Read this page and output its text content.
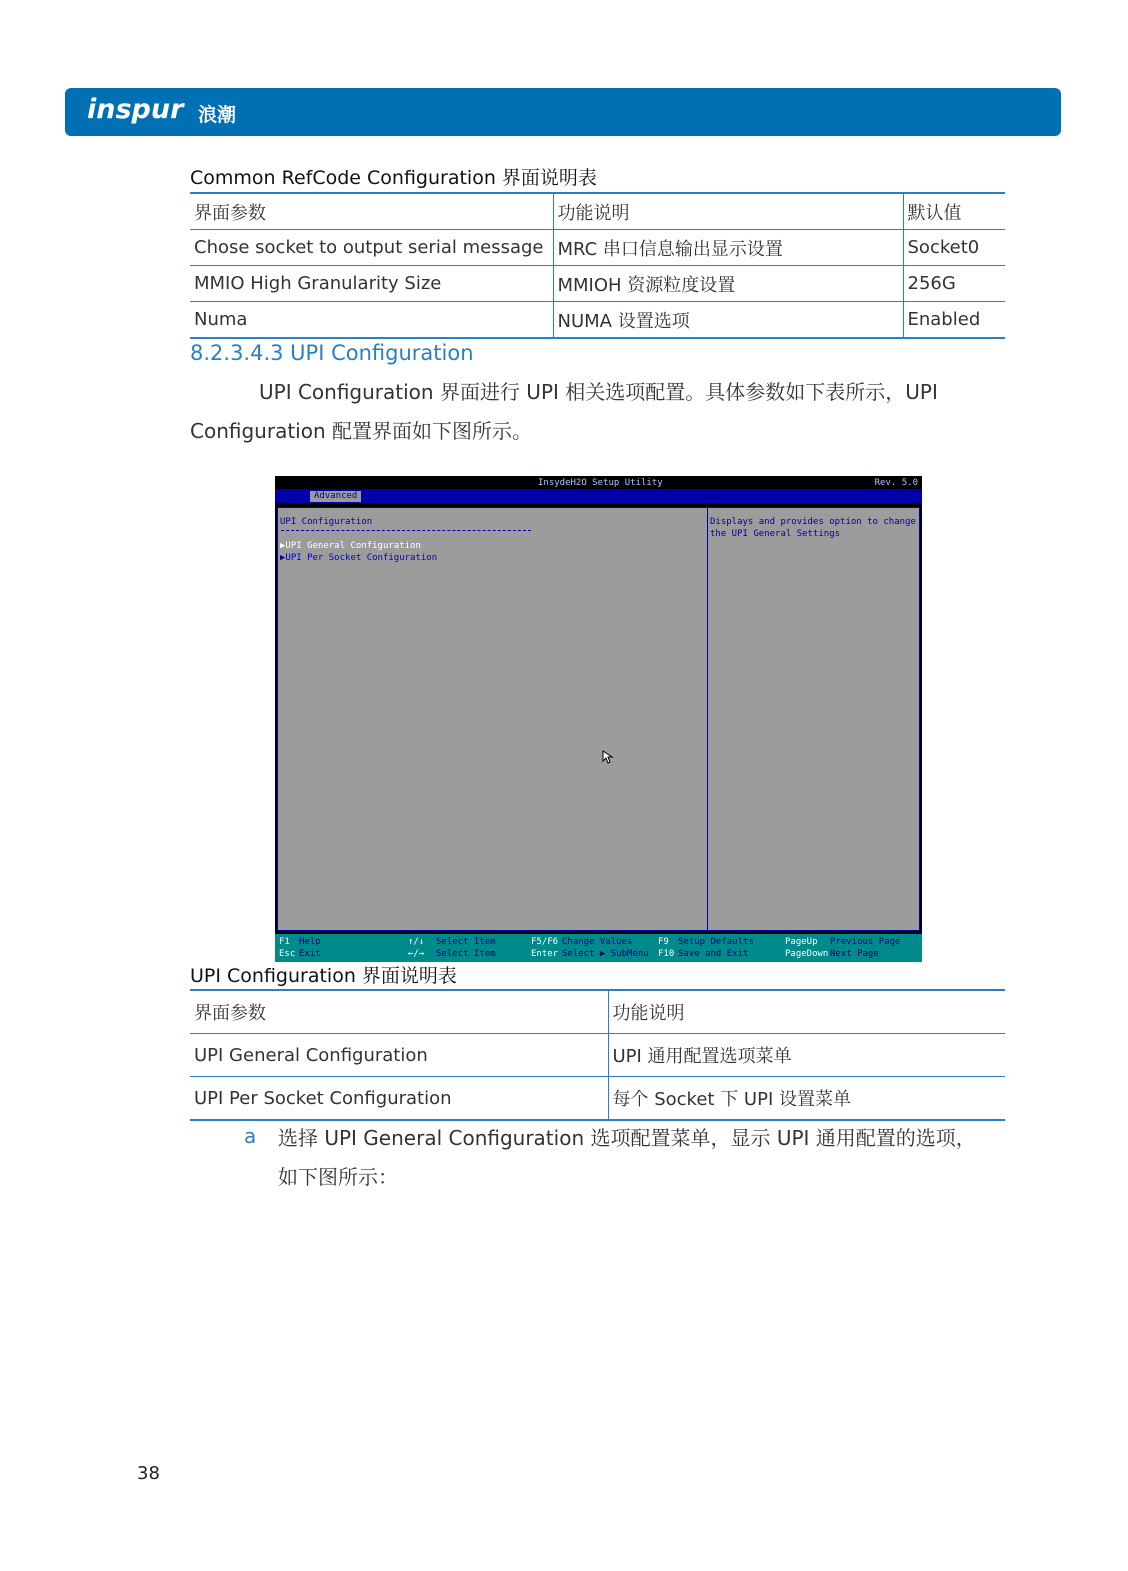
inspur 浪潮
Common RefCode Configuration 界面说明表
界面参数	功能说明	默认值
Chose socket to output serial message	MRC 串口信息输出显示设置	Socket0
MMIO High Granularity Size	MMIOH 资源粒度设置	256G
Numa	NUMA 设置选项	Enabled
8.2.3.4.3 UPI Configuration
UPI Configuration 界面进行 UPI 相关选项配置。具体参数如下表所示，UPI
Configuration 配置界面如下图所示。
InsydeH2O Setup Utility	Rev. 5.0
Advanced
UPI Configuration
▶UPI General Configuration
▶UPI Per Socket Configuration
Displays and provides option to change
the UPI General Settings
F1 Help
Esc Exit
↑/↓ Select Item
←/→ Select Item
F5/F6 Change Values
Enter Select ▶ SubMenu
F9 Setup Defaults
F10 Save and Exit
PageUp Previous Page
PageDown Next Page
UPI Configuration 界面说明表
界面参数	功能说明
UPI General Configuration	UPI 通用配置选项菜单
UPI Per Socket Configuration	每个 Socket 下 UPI 设置菜单
a 选择 UPI General Configuration 选项配置菜单，显示 UPI 通用配置的选项，
如下图所示：
38
